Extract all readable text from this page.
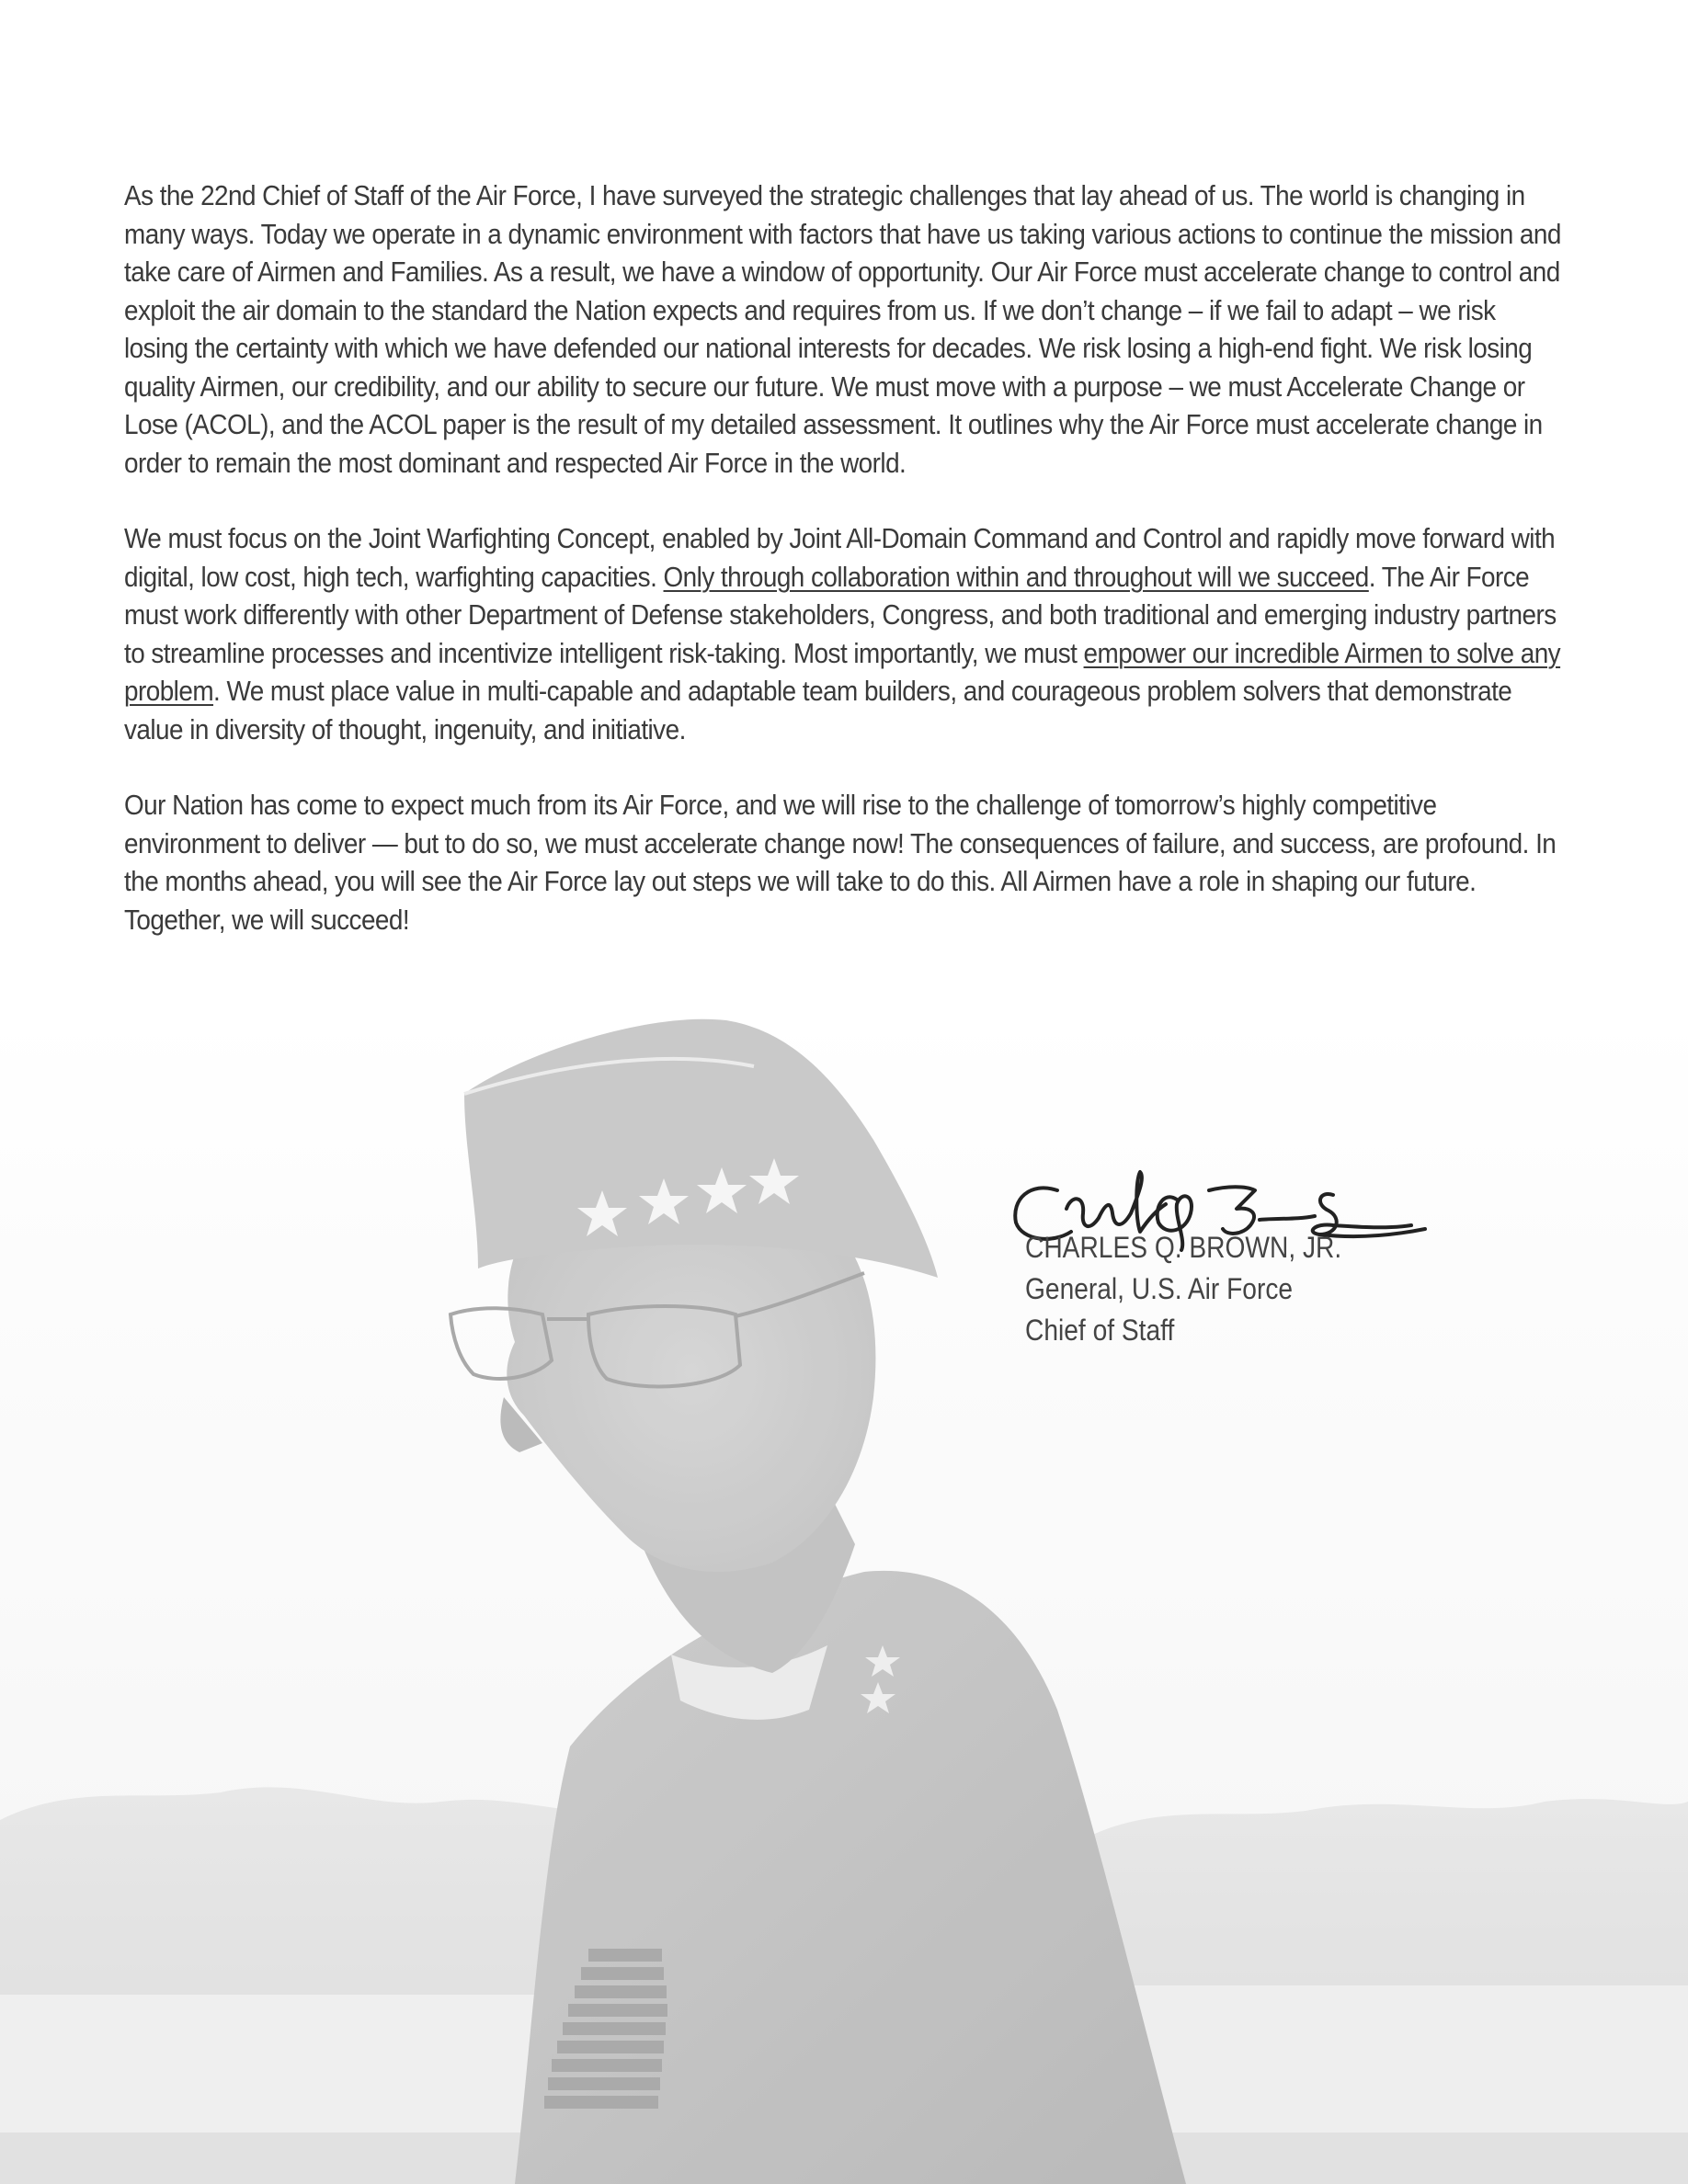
As the 22nd Chief of Staff of the Air Force, I have surveyed the strategic challenges that lay ahead of us. The world is changing in many ways. Today we operate in a dynamic environment with factors that have us taking various actions to continue the mission and take care of Airmen and Families. As a result, we have a window of opportunity. Our Air Force must accelerate change to control and exploit the air domain to the standard the Nation expects and requires from us. If we don’t change – if we fail to adapt – we risk losing the certainty with which we have defended our national interests for decades. We risk losing a high-end fight. We risk losing quality Airmen, our credibility, and our ability to secure our future. We must move with a purpose – we must Accelerate Change or Lose (ACOL), and the ACOL paper is the result of my detailed assessment. It outlines why the Air Force must accelerate change in order to remain the most dominant and respected Air Force in the world.

We must focus on the Joint Warfighting Concept, enabled by Joint All-Domain Command and Control and rapidly move forward with digital, low cost, high tech, warfighting capacities. Only through collaboration within and throughout will we succeed. The Air Force must work differently with other Department of Defense stakeholders, Congress, and both traditional and emerging industry partners to streamline processes and incentivize intelligent risk-taking. Most importantly, we must empower our incredible Airmen to solve any problem. We must place value in multi-capable and adaptable team builders, and courageous problem solvers that demonstrate value in diversity of thought, ingenuity, and initiative.

Our Nation has come to expect much from its Air Force, and we will rise to the challenge of tomorrow’s highly competitive environment to deliver — but to do so, we must accelerate change now! The consequences of failure, and success, are profound. In the months ahead, you will see the Air Force lay out steps we will take to do this. All Airmen have a role in shaping our future. Together, we will succeed!

CHARLES Q. BROWN, JR.
General, U.S. Air Force
Chief of Staff
